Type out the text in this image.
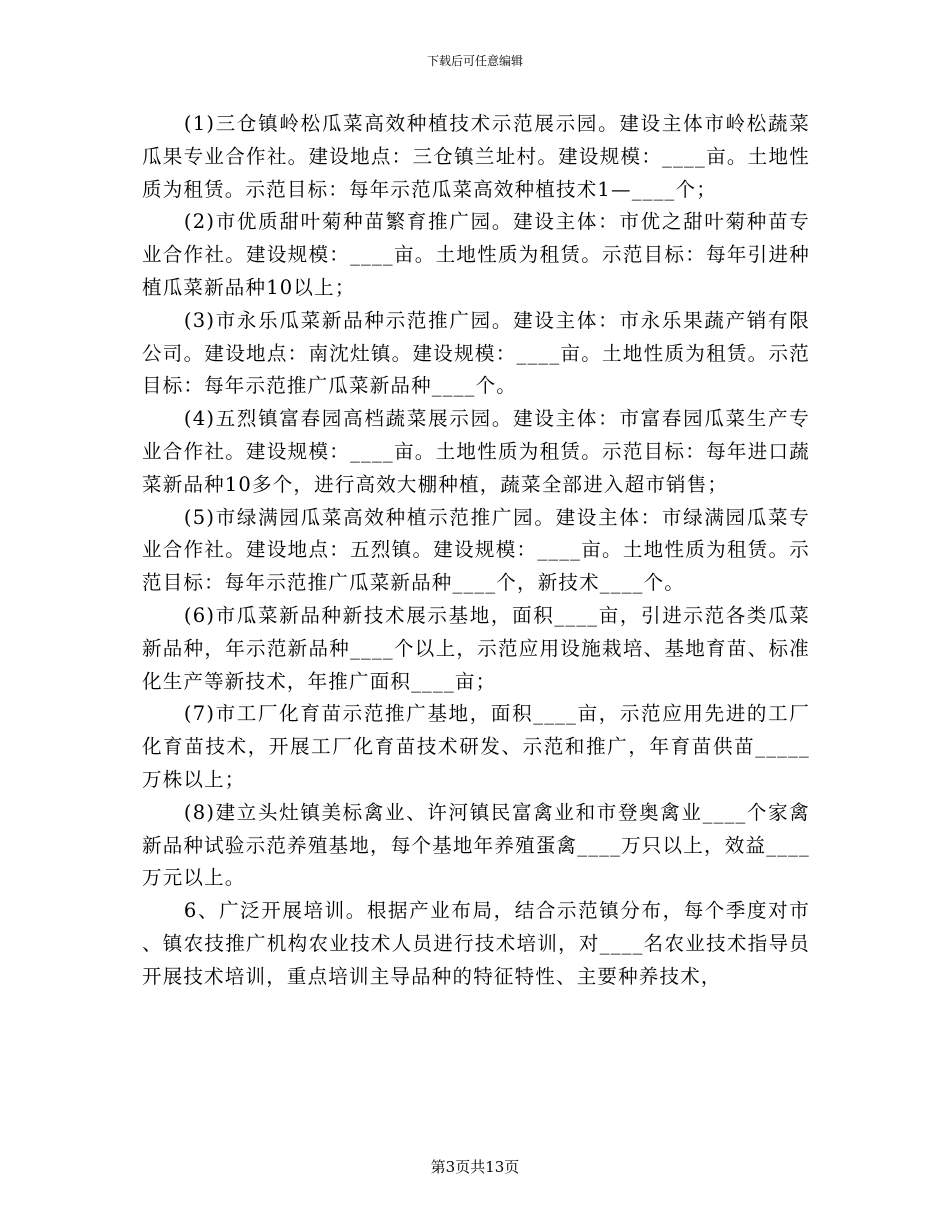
下载后可任意编辑

(1)三仓镇岭松瓜菜高效种植技术示范展示园。建设主体市岭松蔬菜瓜果专业合作社。建设地点：三仓镇兰址村。建设规模：____亩。土地性质为租赁。示范目标：每年示范瓜菜高效种植技术1—____个；

(2)市优质甜叶菊种苗繁育推广园。建设主体：市优之甜叶菊种苗专业合作社。建设规模：____亩。土地性质为租赁。示范目标：每年引进种植瓜菜新品种10以上；

(3)市永乐瓜菜新品种示范推广园。建设主体：市永乐果蔬产销有限公司。建设地点：南沈灶镇。建设规模：____亩。土地性质为租赁。示范目标：每年示范推广瓜菜新品种____个。

(4)五烈镇富春园高档蔬菜展示园。建设主体：市富春园瓜菜生产专业合作社。建设规模：____亩。土地性质为租赁。示范目标：每年进口蔬菜新品种10多个，进行高效大棚种植，蔬菜全部进入超市销售；

(5)市绿满园瓜菜高效种植示范推广园。建设主体：市绿满园瓜菜专业合作社。建设地点：五烈镇。建设规模：____亩。土地性质为租赁。示范目标：每年示范推广瓜菜新品种____个，新技术____个。

(6)市瓜菜新品种新技术展示基地，面积____亩，引进示范各类瓜菜新品种，年示范新品种____个以上，示范应用设施栽培、基地育苗、标准化生产等新技术，年推广面积____亩；

(7)市工厂化育苗示范推广基地，面积____亩，示范应用先进的工厂化育苗技术，开展工厂化育苗技术研发、示范和推广，年育苗供苗_____万株以上；

(8)建立头灶镇美标禽业、许河镇民富禽业和市登奥禽业____个家禽新品种试验示范养殖基地，每个基地年养殖蛋禽____万只以上，效益____万元以上。

6、广泛开展培训。根据产业布局，结合示范镇分布，每个季度对市、镇农技推广机构农业技术人员进行技术培训，对____名农业技术指导员开展技术培训，重点培训主导品种的特征特性、主要种养技术，

第3页共13页
